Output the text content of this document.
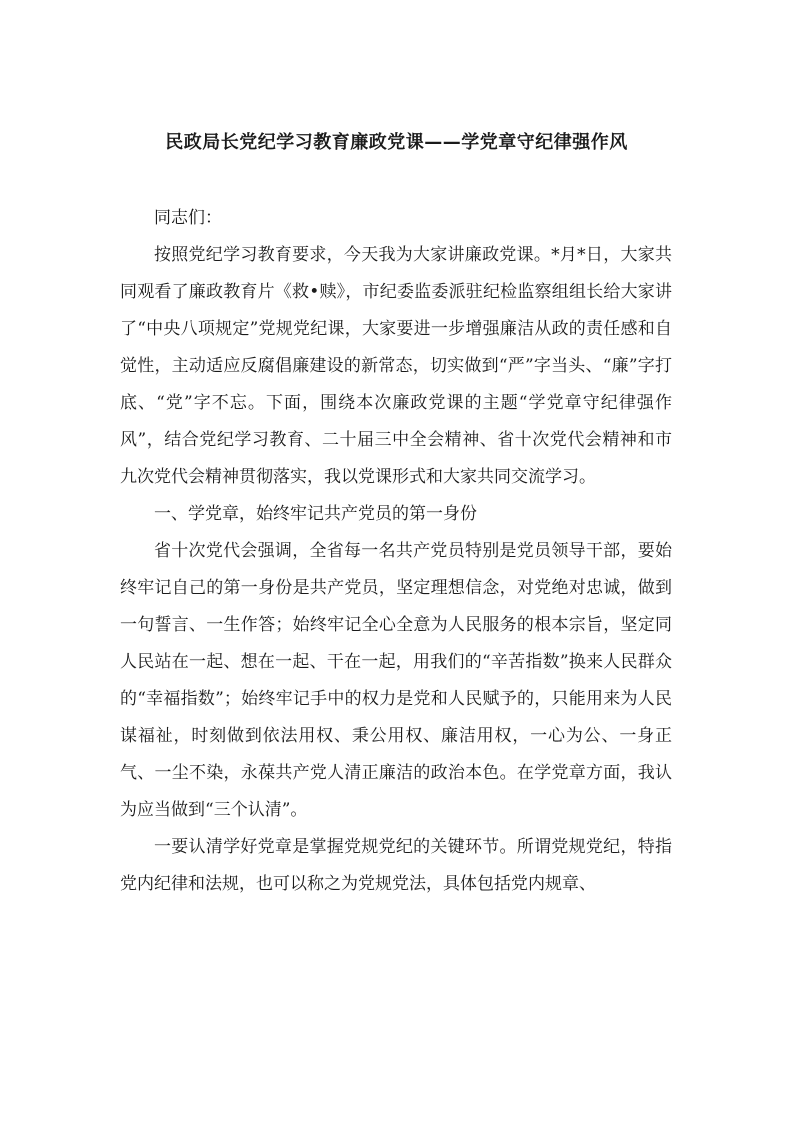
民政局长党纪学习教育廉政党课——学党章守纪律强作风

同志们：

按照党纪学习教育要求，今天我为大家讲廉政党课。*月*日，大家共同观看了廉政教育片《救•赎》，市纪委监委派驻纪检监察组组长给大家讲了“中央八项规定”党规党纪课，大家要进一步增强廉洁从政的责任感和自觉性，主动适应反腐倡廉建设的新常态，切实做到“严”字当头、“廉”字打底、“党”字不忘。下面，围绕本次廉政党课的主题“学党章守纪律强作风”，结合党纪学习教育、二十届三中全会精神、省十次党代会精神和市九次党代会精神贯彻落实，我以党课形式和大家共同交流学习。

一、学党章，始终牢记共产党员的第一身份

省十次党代会强调，全省每一名共产党员特别是党员领导干部，要始终牢记自己的第一身份是共产党员，坚定理想信念，对党绝对忠诚，做到一句誓言、一生作答；始终牢记全心全意为人民服务的根本宗旨，坚定同人民站在一起、想在一起、干在一起，用我们的“辛苦指数”换来人民群众的“幸福指数”；始终牢记手中的权力是党和人民赋予的，只能用来为人民谋福祉，时刻做到依法用权、秉公用权、廉洁用权，一心为公、一身正气、一尘不染，永葆共产党人清正廉洁的政治本色。在学党章方面，我认为应当做到“三个认清”。

一要认清学好党章是掌握党规党纪的关键环节。所谓党规党纪，特指党内纪律和法规，也可以称之为党规党法，具体包括党内规章、
